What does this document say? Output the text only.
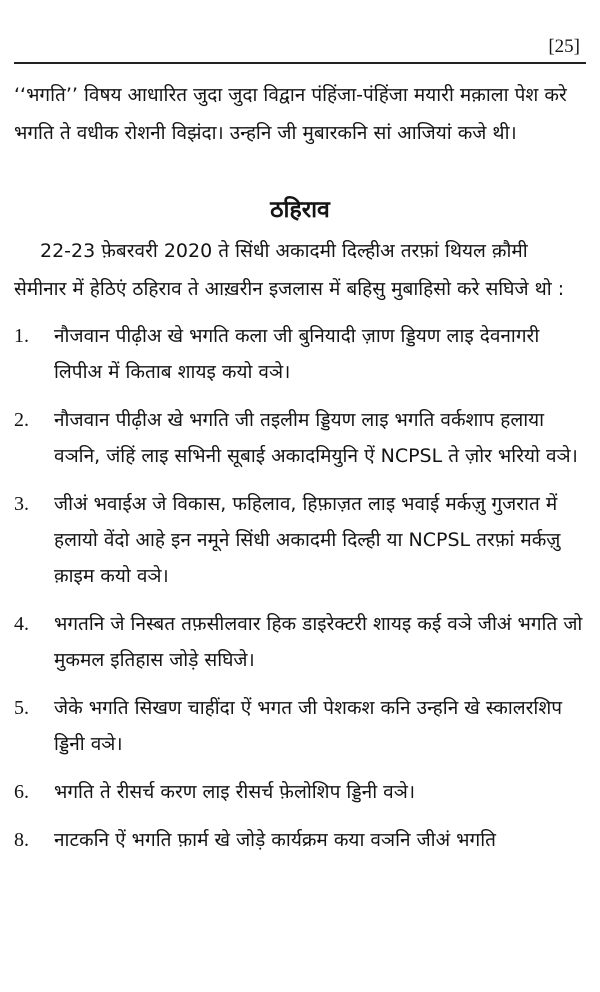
[25]

‘‘भगति’’ विषय आधारित जुदा जुदा विद्वान पंहिंजा-पंहिंजा मयारी मक़ाला पेश करे भगति ते वधीक रोशनी विझंदा। उन्हनि जी मुबारकनि सां आजियां कजे थी।

ठहिराव

22-23 फ़ेबरवरी 2020 ते सिंधी अकादमी दिल्हीअ तरफ़ां थियल क़ौमी सेमीनार में हेठिएं ठहिराव ते आख़रीन इजलास में बहिसु मुबाहिसो करे सघिजे थो :

1.	नौजवान पीढ़ीअ खे भगति कला जी बुनियादी ज़ाण ड्डियण लाइ देवनागरी लिपीअ में किताब शायइ कयो वञे।
2.	नौजवान पीढ़ीअ खे भगति जी तइलीम ड्डियण लाइ भगति वर्कशाप हलाया वञनि, जंहिं लाइ सभिनी सूबाई अकादमियुनि ऐं NCPSL ते ज़ोर भरियो वञे।
3.	जीअं भवाईअ जे विकास, फहिलाव, हिफ़ाज़त लाइ भवाई मर्कज़ु गुजरात में हलायो वेंदो आहे इन नमूने सिंधी अकादमी दिल्ही या NCPSL तरफ़ां मर्कज़ु क़ाइम कयो वञे।
4.	भगतनि जे निस्बत तफ़सीलवार हिक डाइरेक्टरी शायइ कई वञे जीअं भगति जो मुकमल इतिहास जोड़े सघिजे।
5.	जेके भगति सिखण चाहींदा ऐं भगत जी पेशकश कनि उन्हनि खे स्कालरशिप ड्डिनी वञे।
6.	भगति ते रीसर्च करण लाइ रीसर्च फ़ेलोशिप ड्डिनी वञे।
8.	नाटकनि ऐं भगति फ़ार्म खे जोड़े कार्यक्रम कया वञनि जीअं भगति
